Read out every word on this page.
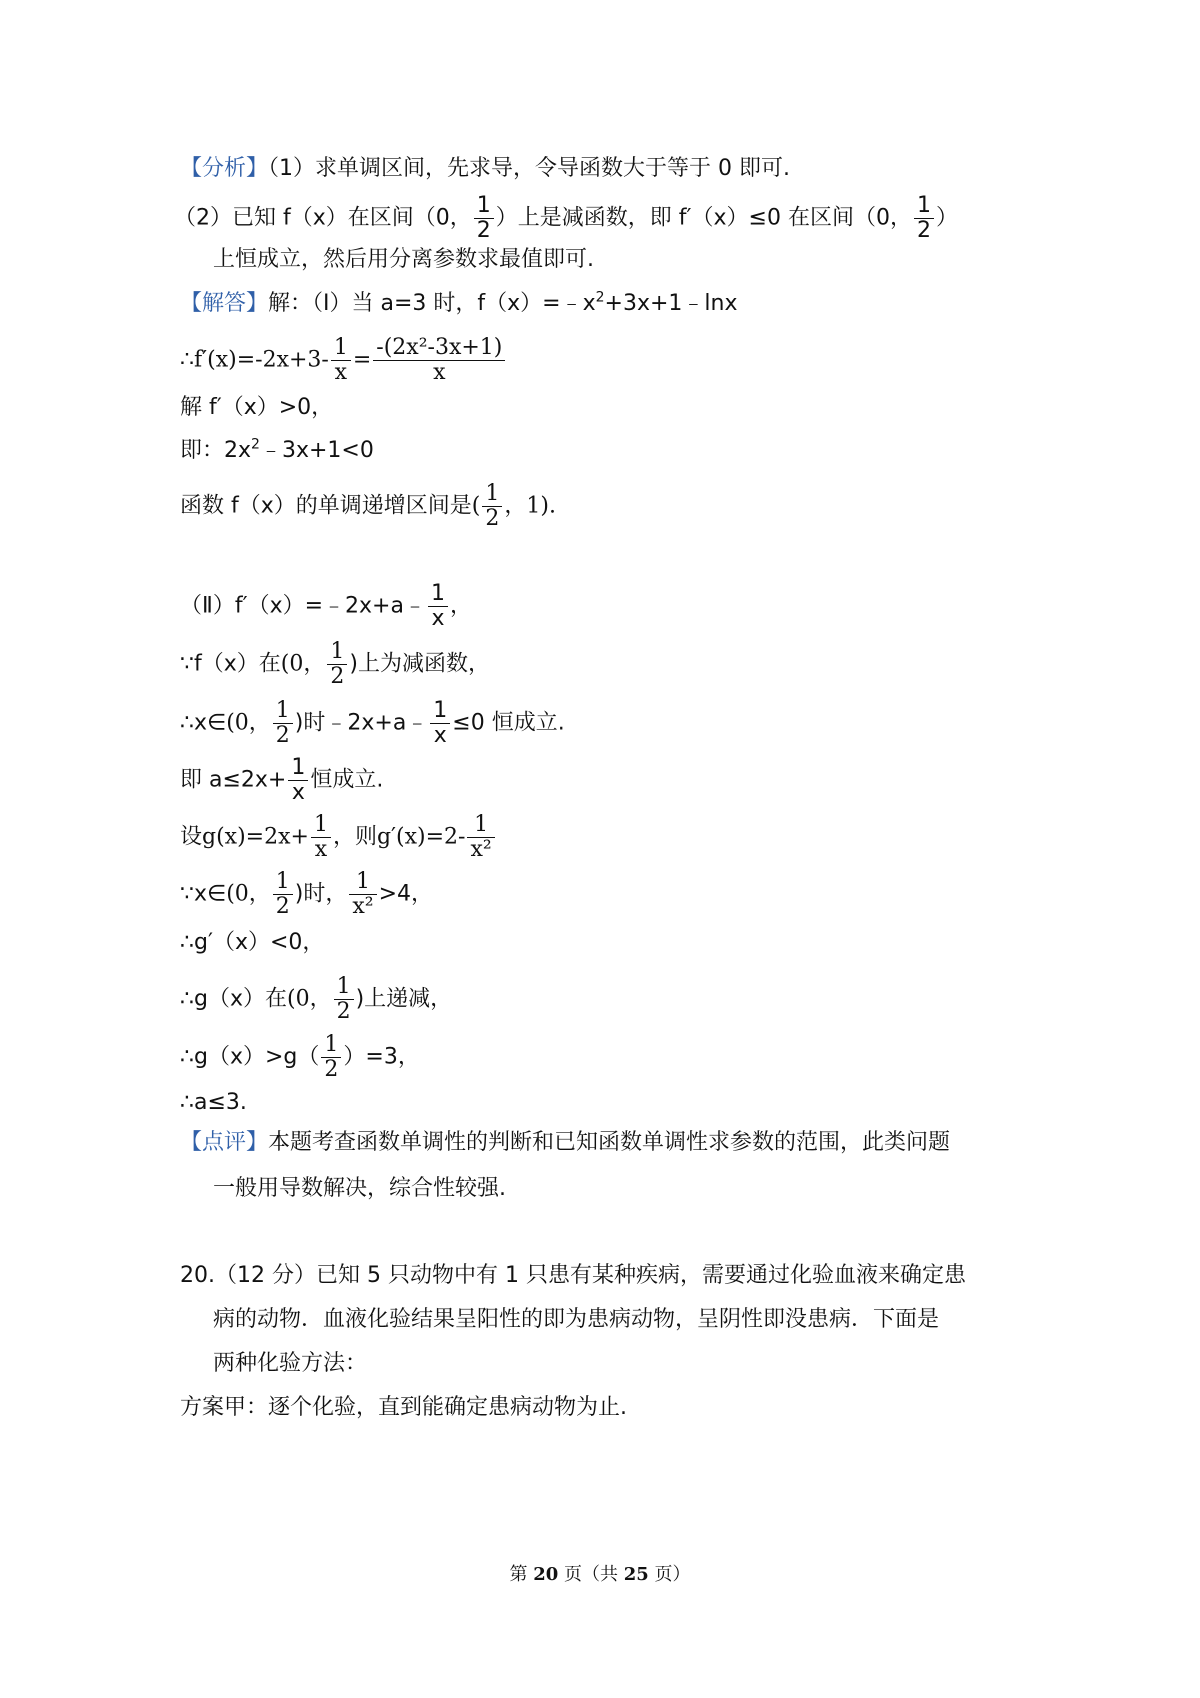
【分析】（1）求单调区间，先求导，令导函数大于等于 0 即可.
（2）已知 f（x）在区间（0， $\frac{1}{2}$ ）上是减函数，即 f′（x）≤0 在区间（0， $\frac{1}{2}$ ）
上恒成立，然后用分离参数求最值即可.
【解答】解：（Ⅰ）当 a=3 时，$f(x)=﹣x^2+3x+1﹣\ln x$
∴f′(x)=-2x+3- $\frac{1}{x} = \frac{\text{-(2x²-3x+1)}}{x}$
解 f′（x）>0，
即：$2x^2﹣3x+1<0$
函数 f（x）的单调递增区间是( $\frac{1}{2}$ ，1).
（Ⅱ）f′（x）=﹣2x+a﹣ $\frac{1}{x}$ ，
∵f（x）在(0， $\frac{1}{2}$ )上为减函数，
∴x∈(0， $\frac{1}{2}$ )时﹣2x+a﹣ $\frac{1}{x} \le 0$ 恒成立.
即 $a\le 2x+ \frac{1}{x}$ 恒成立.
设$g(x)=2x+ \frac{1}{x}$ ，则$g'(x)=2- \frac{1}{\text{x²}}$
∵x∈(0， $\frac{1}{2}$ )时， $\frac{1}{\text{x²}} >4$，
∴g′（x）<0，
∴g（x）在(0， $\frac{1}{2}$ )上递减，
∴g（x）>g（ $\frac{1}{2} )=3$，
∴a≤3.
【点评】本题考查函数单调性的判断和已知函数单调性求参数的范围，此类问题
一般用导数解决，综合性较强.
20.（12 分）已知 5 只动物中有 1 只患有某种疾病，需要通过化验血液来确定患
病的动物．血液化验结果呈阳性的即为患病动物，呈阴性即没患病．下面是
两种化验方法：
方案甲：逐个化验，直到能确定患病动物为止.
第 20 页（共 25 页）
